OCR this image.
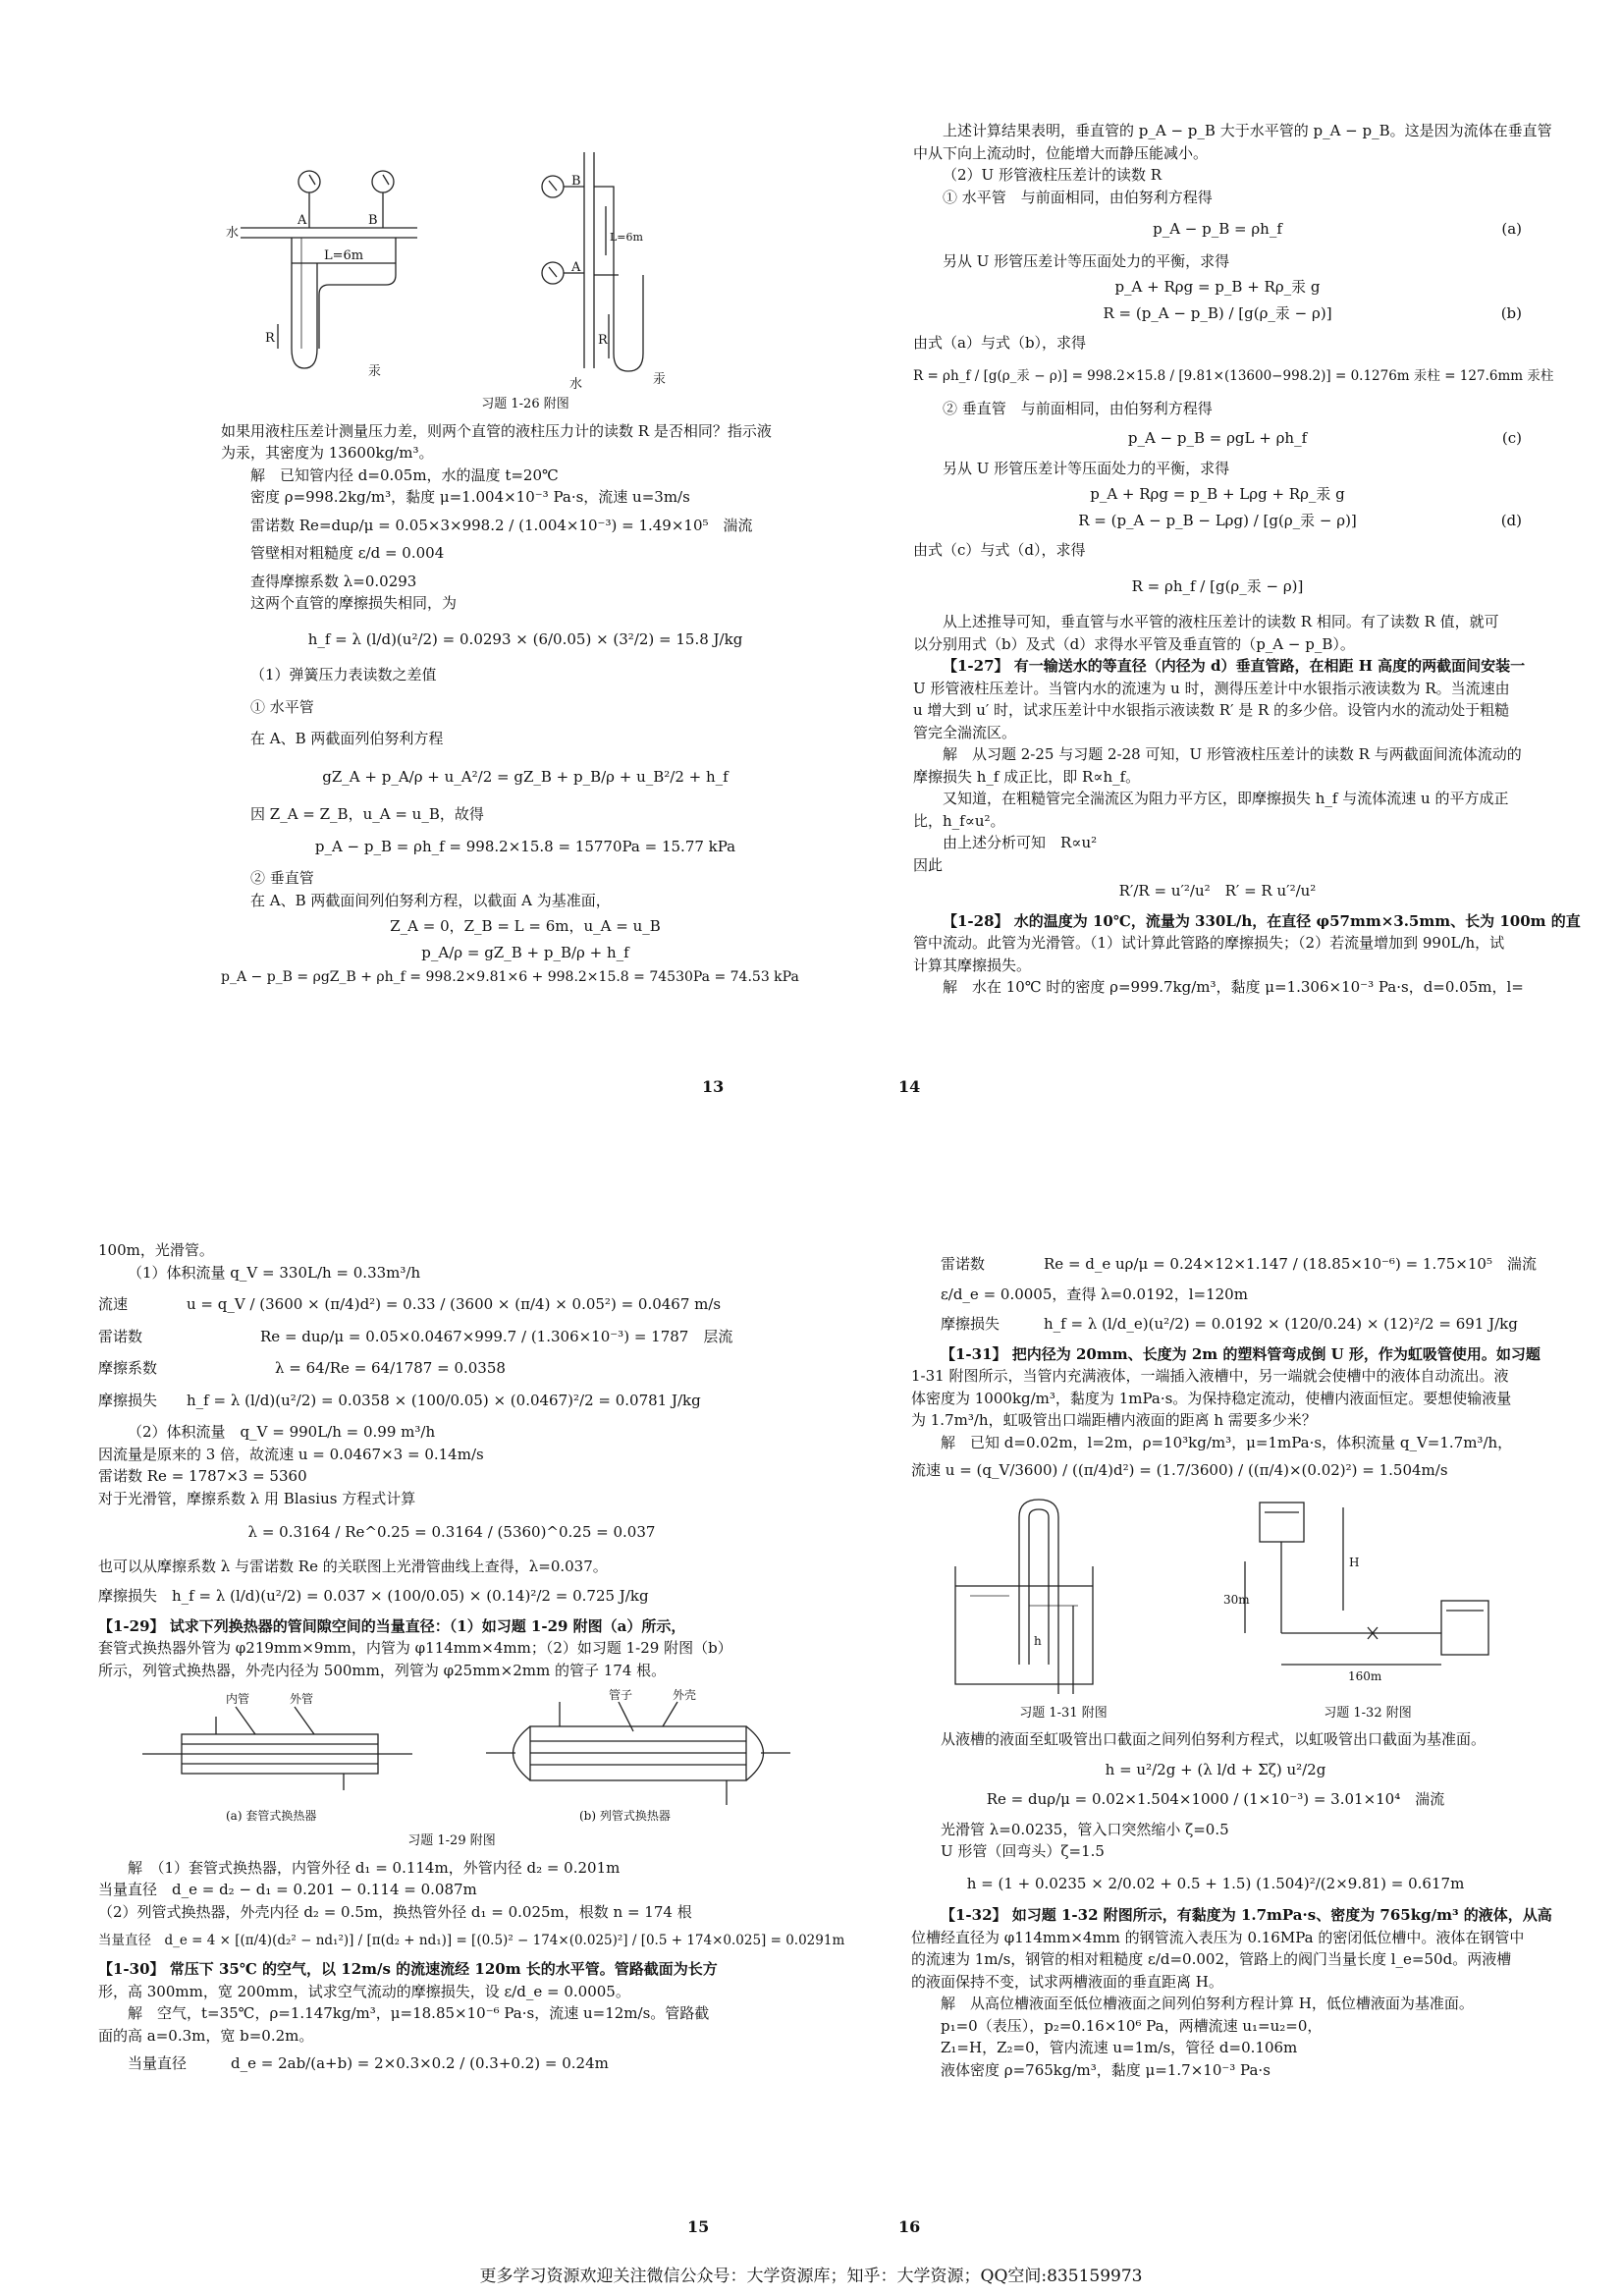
水
A	B
L=6m
R
汞
B
A
L=6m
R
水	汞
习题 1-26 附图
如果用液柱压差计测量压力差，则两个直管的液柱压力计的读数 R 是否相同？指示液
为汞，其密度为 13600kg/m³。
解　已知管内径 d=0.05m，水的温度 t=20℃
密度 ρ=998.2kg/m³，黏度 μ=1.004×10⁻³ Pa·s，流速 u=3m/s
雷诺数 Re=duρ/μ = 0.05×3×998.2 / (1.004×10⁻³) = 1.49×10⁵　湍流
管壁相对粗糙度 ε/d = 0.004
查得摩擦系数 λ=0.0293
这两个直管的摩擦损失相同，为
h_f = λ (l/d)(u²/2) = 0.0293 × (6/0.05) × (3²/2) = 15.8 J/kg
（1）弹簧压力表读数之差值
① 水平管
在 A、B 两截面列伯努利方程
gZ_A + p_A/ρ + u_A²/2 = gZ_B + p_B/ρ + u_B²/2 + h_f
因 Z_A = Z_B，u_A = u_B，故得
p_A − p_B = ρh_f = 998.2×15.8 = 15770Pa = 15.77 kPa
② 垂直管
在 A、B 两截面间列伯努利方程，以截面 A 为基准面，
Z_A = 0，Z_B = L = 6m，u_A = u_B
p_A/ρ = gZ_B + p_B/ρ + h_f
p_A − p_B = ρgZ_B + ρh_f = 998.2×9.81×6 + 998.2×15.8 = 74530Pa = 74.53 kPa
13
上述计算结果表明，垂直管的 p_A − p_B 大于水平管的 p_A − p_B。这是因为流体在垂直管
中从下向上流动时，位能增大而静压能减小。
（2）U 形管液柱压差计的读数 R
① 水平管　与前面相同，由伯努利方程得
p_A − p_B = ρh_f	(a)
另从 U 形管压差计等压面处力的平衡，求得
p_A + Rρg = p_B + Rρ_汞 g
R = (p_A − p_B) / [g(ρ_汞 − ρ)]	(b)
由式（a）与式（b），求得
R = ρh_f / [g(ρ_汞 − ρ)] = 998.2×15.8 / [9.81×(13600−998.2)] = 0.1276m 汞柱 = 127.6mm 汞柱
② 垂直管　与前面相同，由伯努利方程得
p_A − p_B = ρgL + ρh_f	(c)
另从 U 形管压差计等压面处力的平衡，求得
p_A + Rρg = p_B + Lρg + Rρ_汞 g
R = (p_A − p_B − Lρg) / [g(ρ_汞 − ρ)]	(d)
由式（c）与式（d），求得
R = ρh_f / [g(ρ_汞 − ρ)]
从上述推导可知，垂直管与水平管的液柱压差计的读数 R 相同。有了读数 R 值，就可
以分别用式（b）及式（d）求得水平管及垂直管的（p_A − p_B）。
【1-27】 有一输送水的等直径（内径为 d）垂直管路，在相距 H 高度的两截面间安装一
U 形管液柱压差计。当管内水的流速为 u 时，测得压差计中水银指示液读数为 R。当流速由
u 增大到 u′ 时，试求压差计中水银指示液读数 R′ 是 R 的多少倍。设管内水的流动处于粗糙
管完全湍流区。
解　从习题 2-25 与习题 2-28 可知，U 形管液柱压差计的读数 R 与两截面间流体流动的
摩擦损失 h_f 成正比，即 R∝h_f。
又知道，在粗糙管完全湍流区为阻力平方区，即摩擦损失 h_f 与流体流速 u 的平方成正
比，h_f∝u²。
由上述分析可知　R∝u²
因此
R′/R = u′²/u²　R′ = R u′²/u²
【1-28】 水的温度为 10℃，流量为 330L/h，在直径 φ57mm×3.5mm、长为 100m 的直
管中流动。此管为光滑管。（1）试计算此管路的摩擦损失；（2）若流量增加到 990L/h，试
计算其摩擦损失。
解　水在 10℃ 时的密度 ρ=999.7kg/m³，黏度 μ=1.306×10⁻³ Pa·s，d=0.05m，l=
14
100m，光滑管。
（1）体积流量 q_V = 330L/h = 0.33m³/h
流速　　　　u = q_V / (3600 × (π/4)d²) = 0.33 / (3600 × (π/4) × 0.05²) = 0.0467 m/s
雷诺数　　　　　　　　Re = duρ/μ = 0.05×0.0467×999.7 / (1.306×10⁻³) = 1787　层流
摩擦系数　　　　　　　　λ = 64/Re = 64/1787 = 0.0358
摩擦损失　　h_f = λ (l/d)(u²/2) = 0.0358 × (100/0.05) × (0.0467)²/2 = 0.0781 J/kg
（2）体积流量　q_V = 990L/h = 0.99 m³/h
因流量是原来的 3 倍，故流速 u = 0.0467×3 = 0.14m/s
雷诺数 Re = 1787×3 = 5360
对于光滑管，摩擦系数 λ 用 Blasius 方程式计算
λ = 0.3164 / Re^0.25 = 0.3164 / (5360)^0.25 = 0.037
也可以从摩擦系数 λ 与雷诺数 Re 的关联图上光滑管曲线上查得，λ=0.037。
摩擦损失　h_f = λ (l/d)(u²/2) = 0.037 × (100/0.05) × (0.14)²/2 = 0.725 J/kg
【1-29】 试求下列换热器的管间隙空间的当量直径：（1）如习题 1-29 附图（a）所示，
套管式换热器外管为 φ219mm×9mm，内管为 φ114mm×4mm；（2）如习题 1-29 附图（b）
所示，列管式换热器，外壳内径为 500mm，列管为 φ25mm×2mm 的管子 174 根。
内管	外管	管子	外壳
(a) 套管式换热器	(b) 列管式换热器
习题 1-29 附图
解　（1）套管式换热器，内管外径 d₁ = 0.114m，外管内径 d₂ = 0.201m
当量直径　d_e = d₂ − d₁ = 0.201 − 0.114 = 0.087m
（2）列管式换热器，外壳内径 d₂ = 0.5m，换热管外径 d₁ = 0.025m，根数 n = 174 根
当量直径　d_e = 4 × [(π/4)(d₂² − nd₁²)] / [π(d₂ + nd₁)] = [(0.5)² − 174×(0.025)²] / [0.5 + 174×0.025] = 0.0291m
【1-30】 常压下 35℃ 的空气，以 12m/s 的流速流经 120m 长的水平管。管路截面为长方
形，高 300mm，宽 200mm，试求空气流动的摩擦损失，设 ε/d_e = 0.0005。
解　空气，t=35℃，ρ=1.147kg/m³，μ=18.85×10⁻⁶ Pa·s，流速 u=12m/s。管路截
面的高 a=0.3m，宽 b=0.2m。
当量直径　　　d_e = 2ab/(a+b) = 2×0.3×0.2 / (0.3+0.2) = 0.24m
15
雷诺数　　　　Re = d_e uρ/μ = 0.24×12×1.147 / (18.85×10⁻⁶) = 1.75×10⁵　湍流
ε/d_e = 0.0005，查得 λ=0.0192，l=120m
摩擦损失　　　h_f = λ (l/d_e)(u²/2) = 0.0192 × (120/0.24) × (12)²/2 = 691 J/kg
【1-31】 把内径为 20mm、长度为 2m 的塑料管弯成倒 U 形，作为虹吸管使用。如习题
1-31 附图所示，当管内充满液体，一端插入液槽中，另一端就会使槽中的液体自动流出。液
体密度为 1000kg/m³，黏度为 1mPa·s。为保持稳定流动，使槽内液面恒定。要想使输液量
为 1.7m³/h，虹吸管出口端距槽内液面的距离 h 需要多少米？
解　已知 d=0.02m，l=2m，ρ=10³kg/m³，μ=1mPa·s，体积流量 q_V=1.7m³/h，
流速 u = (q_V/3600) / ((π/4)d²) = (1.7/3600) / ((π/4)×(0.02)²) = 1.504m/s
h
H
30m
160m
习题 1-31 附图	习题 1-32 附图
从液槽的液面至虹吸管出口截面之间列伯努利方程式，以虹吸管出口截面为基准面。
h = u²/2g + (λ l/d + Σζ) u²/2g
Re = duρ/μ = 0.02×1.504×1000 / (1×10⁻³) = 3.01×10⁴　湍流
光滑管 λ=0.0235，管入口突然缩小 ζ=0.5
U 形管（回弯头）ζ=1.5
h = (1 + 0.0235 × 2/0.02 + 0.5 + 1.5) (1.504)²/(2×9.81) = 0.617m
【1-32】 如习题 1-32 附图所示，有黏度为 1.7mPa·s、密度为 765kg/m³ 的液体，从高
位槽经直径为 φ114mm×4mm 的钢管流入表压为 0.16MPa 的密闭低位槽中。液体在钢管中
的流速为 1m/s，钢管的相对粗糙度 ε/d=0.002，管路上的阀门当量长度 l_e=50d。两液槽
的液面保持不变，试求两槽液面的垂直距离 H。
解　从高位槽液面至低位槽液面之间列伯努利方程计算 H，低位槽液面为基准面。
p₁=0（表压），p₂=0.16×10⁶ Pa，两槽流速 u₁=u₂=0，
Z₁=H，Z₂=0，管内流速 u=1m/s，管径 d=0.106m
液体密度 ρ=765kg/m³，黏度 μ=1.7×10⁻³ Pa·s
16
更多学习资源欢迎关注微信公众号：大学资源库；知乎：大学资源；QQ空间:835159973
